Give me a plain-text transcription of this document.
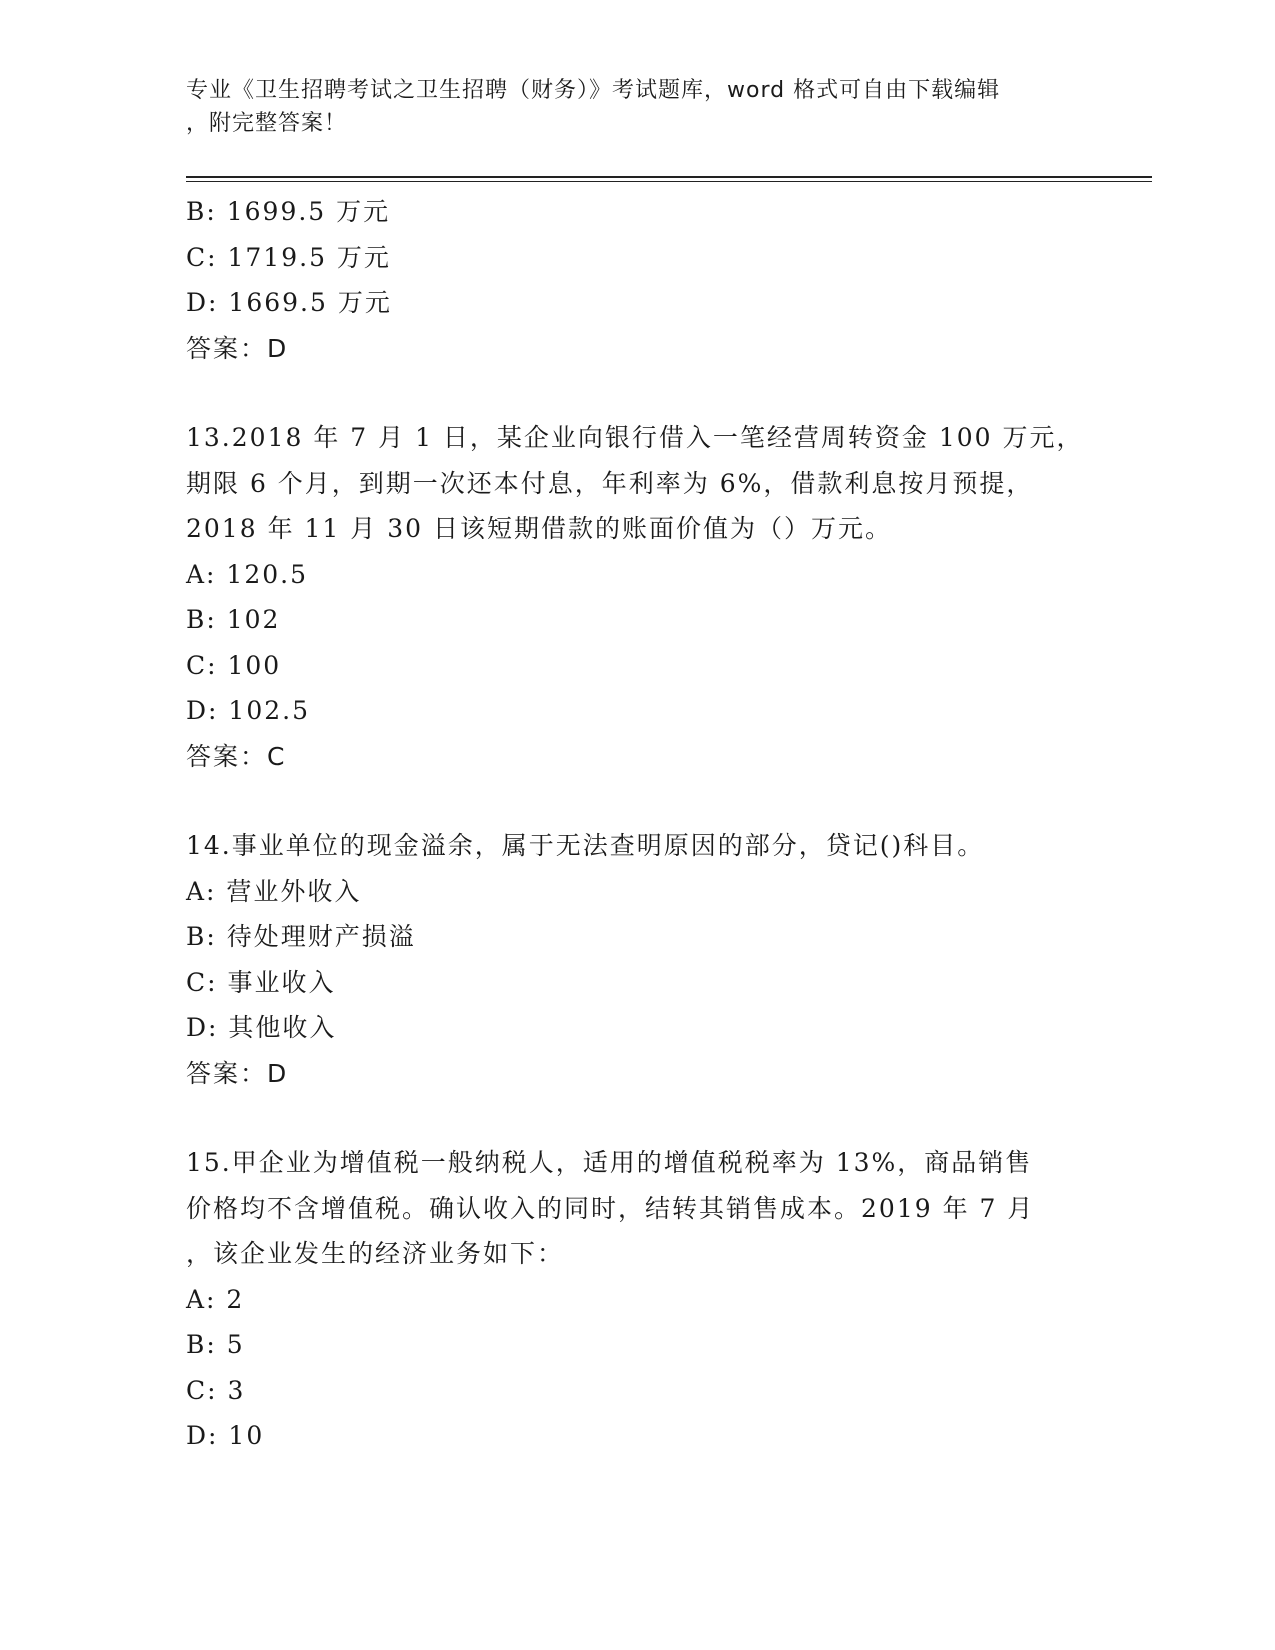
专业《卫生招聘考试之卫生招聘（财务）》考试题库，word 格式可自由下载编辑
，附完整答案！
B: 1699.5 万元
C: 1719.5 万元
D: 1669.5 万元
答案：D
13.2018 年 7 月 1 日，某企业向银行借入一笔经营周转资金 100 万元，
期限 6 个月，到期一次还本付息，年利率为 6%，借款利息按月预提，
2018 年 11 月 30 日该短期借款的账面价值为（）万元。
A: 120.5
B: 102
C: 100
D: 102.5
答案：C
14.事业单位的现金溢余，属于无法查明原因的部分，贷记()科目。
A: 营业外收入
B: 待处理财产损溢
C: 事业收入
D: 其他收入
答案：D
15.甲企业为增值税一般纳税人，适用的增值税税率为 13%，商品销售
价格均不含增值税。确认收入的同时，结转其销售成本。2019 年 7 月
，该企业发生的经济业务如下：
A: 2
B: 5
C: 3
D: 10
